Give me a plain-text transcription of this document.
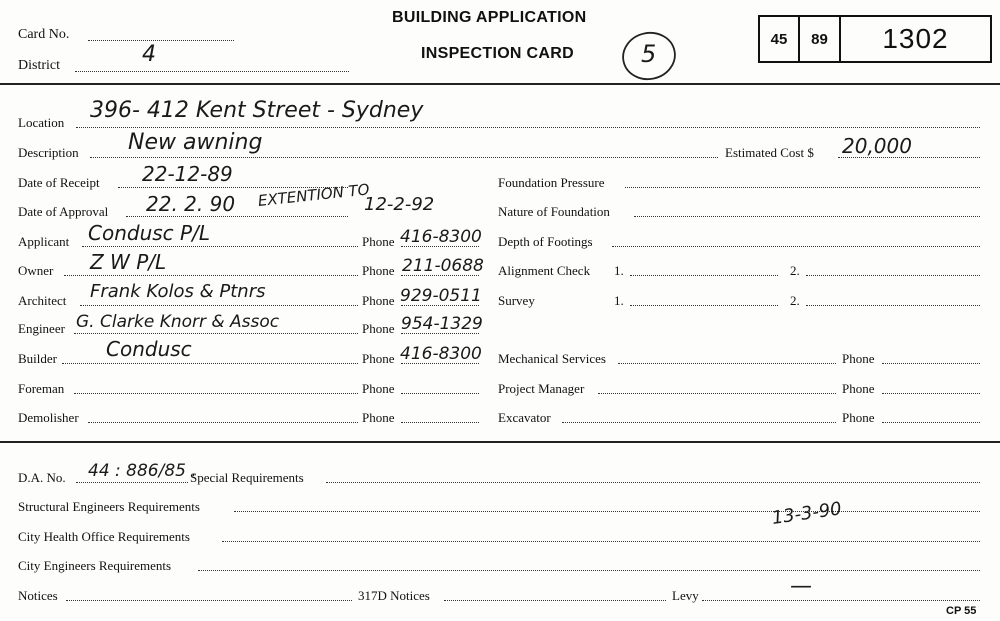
Card No.
District	4
BUILDING APPLICATION
INSPECTION CARD	5
45	89	1302
Location 396- 412 Kent Street - Sydney
Description New awning	Estimated Cost $ 20,000
Date of Receipt 22-12-89
Date of Approval 22. 2. 90 EXTENTION TO
12-2-92
Applicant Condusc P/L	Phone 416-8300
Owner Z W P/L	Phone 211-0688
Architect Frank Kolos & Ptnrs	Phone 929-0511
Engineer G. Clarke Knorr & Assoc	Phone 954-1329
Builder Condusc	Phone 416-8300
Foreman	Phone
Demolisher	Phone
Foundation Pressure
Nature of Foundation
Depth of Footings
Alignment Check 1.	2.
Survey	1.	2.
Mechanical Services	Phone
Project Manager	Phone
Excavator	Phone
D.A. No. 44 : 886/85 .
Special Requirements
Structural Engineers Requirements
City Health Office Requirements
13-3-90
City Engineers Requirements
Notices	317D Notices	Levy	—
CP 55
